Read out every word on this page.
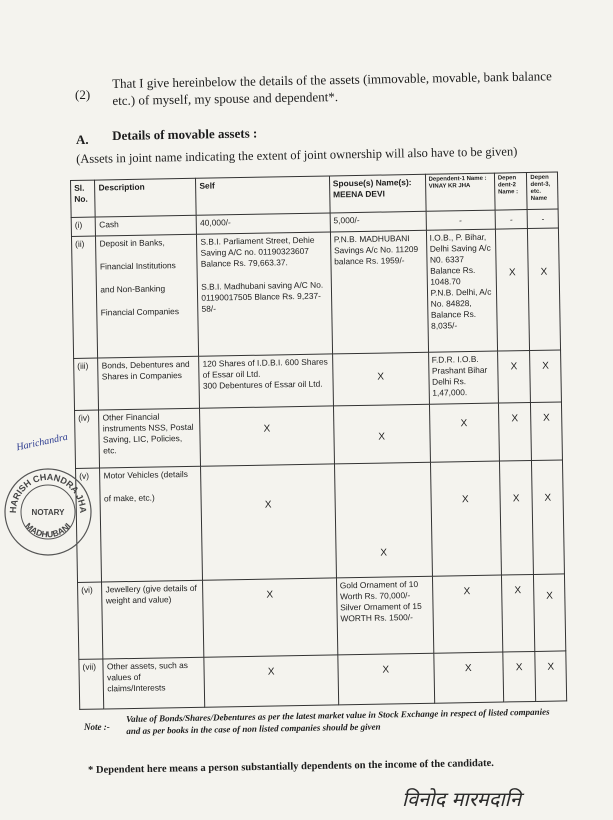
(2)
That I give hereinbelow the details of the assets (immovable, movable, bank balance etc.) of myself, my spouse and dependent*.
A. Details of movable assets :
(Assets in joint name indicating the extent of joint ownership will also have to be given)
Sl. No.	Description	Self	Spouse(s) Name(s): MEENA DEVI	Dependent-1 Name : VINAY KR JHA	Depen dent-2 Name :	Depen dent-3, etc. Name
(i)	Cash	40,000/-	5,000/-	-	-	-

(ii)	Deposit in Banks,
Financial Institutions
and Non-Banking
Financial Companies	S.B.I. Parliament Street, Dehie Saving A/C no. 01190323607 Balance Rs. 79,663.37.
S.B.I. Madhubani saving A/C No. 01190017505 Blance Rs. 9,237-58/-	P.N.B. MADHUBANI Savings A/c No. 11209
balance Rs. 1959/-	I.O.B., P. Bihar, Delhi Saving A/c N0. 6337 Balance Rs. 1048.70
P.N.B. Delhi, A/c No. 84828, Balance Rs. 8,035/-	X	X

(iii)	Bonds, Debentures and Shares in Companies	120 Shares of I.D.B.I. 600 Shares of Essar oil Ltd.
300 Debentures of Essar oil Ltd.	X	F.D.R. I.O.B. Prashant Bihar Delhi Rs. 1,47,000.	X	X

(iv)	Other Financial instruments NSS, Postal Saving, LIC, Policies, etc.	X	X	X	X	X

(v)	Motor Vehicles (details
of make, etc.)	X	X	X	X	X

(vi)	Jewellery (give details of weight and value)	X	Gold Ornament of 10 Worth Rs. 70,000/-
Silver Ornament of 15 WORTH Rs. 1500/-	X	X	X

(vii)	Other assets, such as values of claims/Interests	X	X	X	X	X
Harichandra
HARISH CHANDRA JHA
NOTARY
MADHUBANI
Note :-
Value of Bonds/Shares/Debentures as per the latest market value in Stock Exchange in respect of listed companies and as per books in the case of non listed companies should be given
* Dependent here means a person substantially dependents on the income of the candidate.
विनोद मारमदानि
